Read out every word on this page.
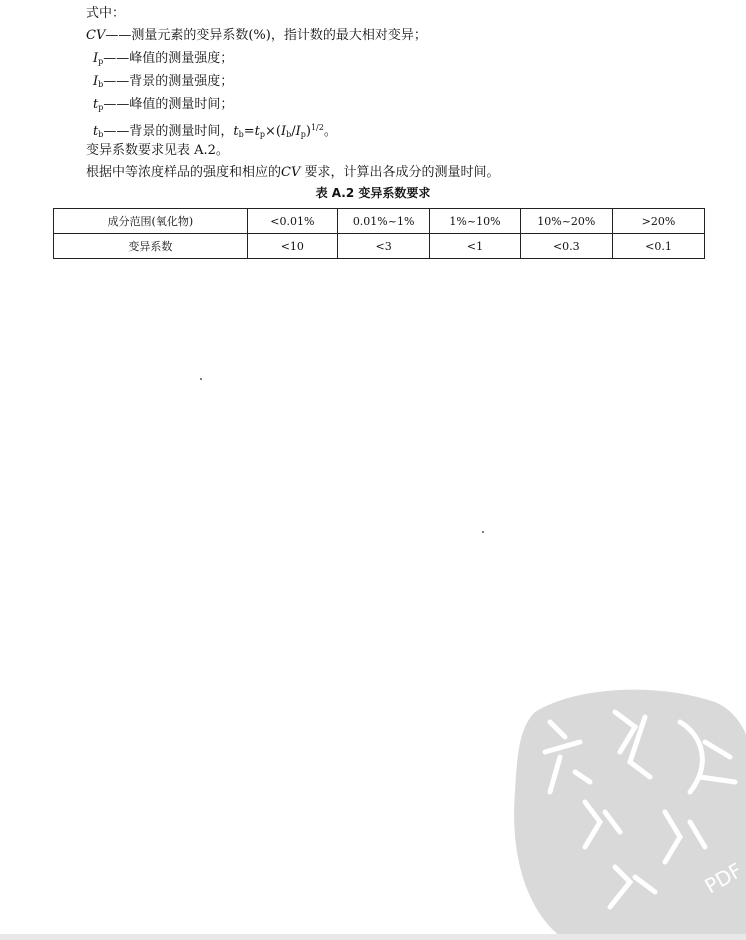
式中：
CV——测量元素的变异系数(%)，指计数的最大相对变异；
$I_p——$峰值的测量强度；
$I_b——$背景的测量强度；
$t_p——$峰值的测量时间；
$t_b——$背景的测量时间，$t_b=t_p\times(I_b/I_p)^{1/2}$。
变异系数要求见表 A.2。
根据中等浓度样品的强度和相应的CV 要求，计算出各成分的测量时间。
表 A.2 变异系数要求
成分范围(氧化物)	<0.01%	0.01%~1%	1%~10%	10%~20%	>20%
变异系数	<10	<3	<1	<0.3	<0.1
PDF
